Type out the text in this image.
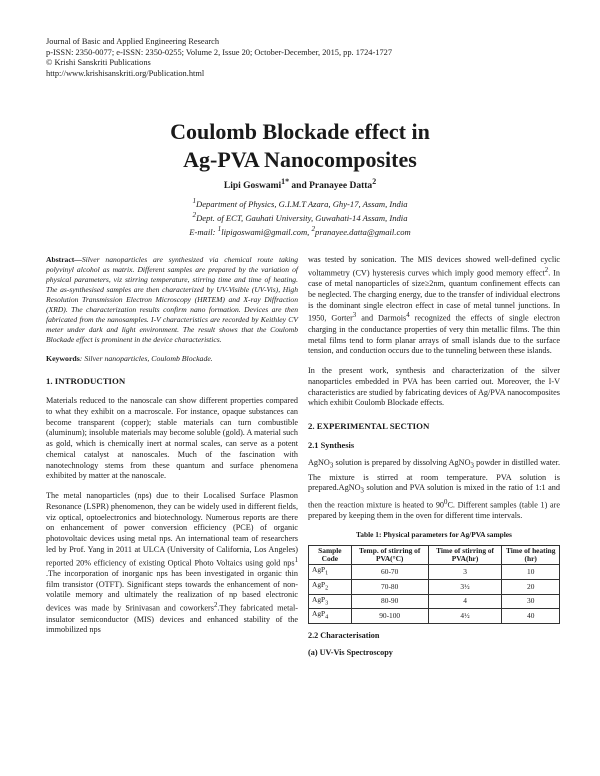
Journal of Basic and Applied Engineering Research
p-ISSN: 2350-0077; e-ISSN: 2350-0255; Volume 2, Issue 20; October-December, 2015, pp. 1724-1727
© Krishi Sanskriti Publications
http://www.krishisanskriti.org/Publication.html
Coulomb Blockade effect in
Ag-PVA Nanocomposites
Lipi Goswami$^{1*}$ and Pranayee Datta$^2$
$^1$Department of Physics, G.I.M.T Azara, Ghy-17, Assam, India
$^2$Dept. of ECT, Gauhati University, Guwahati-14 Assam, India
E-mail: $^1$lipigoswami@gmail.com, $^2$pranayee.datta@gmail.com

Abstract—Silver nanoparticles are synthesized via chemical route taking polyvinyl alcohol as matrix. Different samples are prepared by the variation of physical parameters, viz stirring temperature, stirring time and time of heating. The as-synthesised samples are then characterized by UV-Visible (UV-Vis), High Resolution Transmission Electron Microscopy (HRTEM) and X-ray Diffraction (XRD). The characterization results confirm nano formation. Devices are then fabricated from the nanosamples. I-V characteristics are recorded by Keithley CV meter under dark and light environment. The result shows that the Coulomb Blockade effect is prominent in the device characteristics.

Keywords: Silver nanoparticles, Coulomb Blockade.

1. INTRODUCTION

Materials reduced to the nanoscale can show different properties compared to what they exhibit on a macroscale. For instance, opaque substances can become transparent (copper); stable materials can turn combustible (aluminum); insoluble materials may become soluble (gold). A material such as gold, which is chemically inert at normal scales, can serve as a potent chemical catalyst at nanoscales. Much of the fascination with nanotechnology stems from these quantum and surface phenomena exhibited by matter at the nanoscale.

The metal nanoparticles (nps) due to their Localised Surface Plasmon Resonance (LSPR) phenomenon, they can be widely used in different fields, viz optical, optoelectronics and biotechnology. Numerous reports are there on enhancement of power conversion efficiency (PCE) of organic photovoltaic devices using metal nps. An international team of researchers led by Prof. Yang in 2011 at ULCA (University of California, Los Angeles) reported 20% efficiency of existing Optical Photo Voltaics using gold nps$^1$ .The incorporation of inorganic nps has been investigated in organic thin film transistor (OTFT). Significant steps towards the enhancement of non-volatile memory and ultimately the realization of np based electronic devices was made by Srinivasan and coworkers$^2$.They fabricated metal-insulator semiconductor (MIS) devices and enhanced stability of the immobilized nps

was tested by sonication. The MIS devices showed well-defined cyclic voltammetry (CV) hysteresis curves which imply good memory effect$^2$. In case of metal nanoparticles of size≥2nm, quantum confinement effects can be neglected. The charging energy, due to the transfer of individual electrons is the dominant single electron effect in case of metal tunnel junctions. In 1950, Gorter$^3$ and Darmois$^4$ recognized the effects of single electron charging in the conductance properties of very thin metallic films. The thin metal films tend to form planar arrays of small islands due to the surface tension, and conduction occurs due to the tunneling between these islands.

In the present work, synthesis and characterization of the silver nanoparticles embedded in PVA has been carried out. Moreover, the I-V characteristics are studied by fabricating devices of Ag/PVA nanocomposites which exhibit Coulomb Blockade effects.

2. EXPERIMENTAL SECTION
2.1 Synthesis

AgNO$_3$ solution is prepared by dissolving AgNO$_3$ powder in distilled water. The mixture is stirred at room temperature. PVA solution is prepared.AgNO$_3$ solution and PVA solution is mixed in the ratio of 1:1 and then the reaction mixture is heated to $90^0C$. Different samples (table 1) are prepared by keeping them in the oven for different time intervals.

Table 1: Physical parameters for Ag/PVA samples
Sample Code	Temp. of stirring of PVA(°C)	Time of stirring of PVA(hr)	Time of heating (hr)
AgP$_1$	60-70	3	10
AgP$_2$	70-80	3½	20
AgP$_3$	80-90	4	30
AgP$_4$	90-100	4½	40
2.2 Characterisation
(a) UV-Vis Spectroscopy
